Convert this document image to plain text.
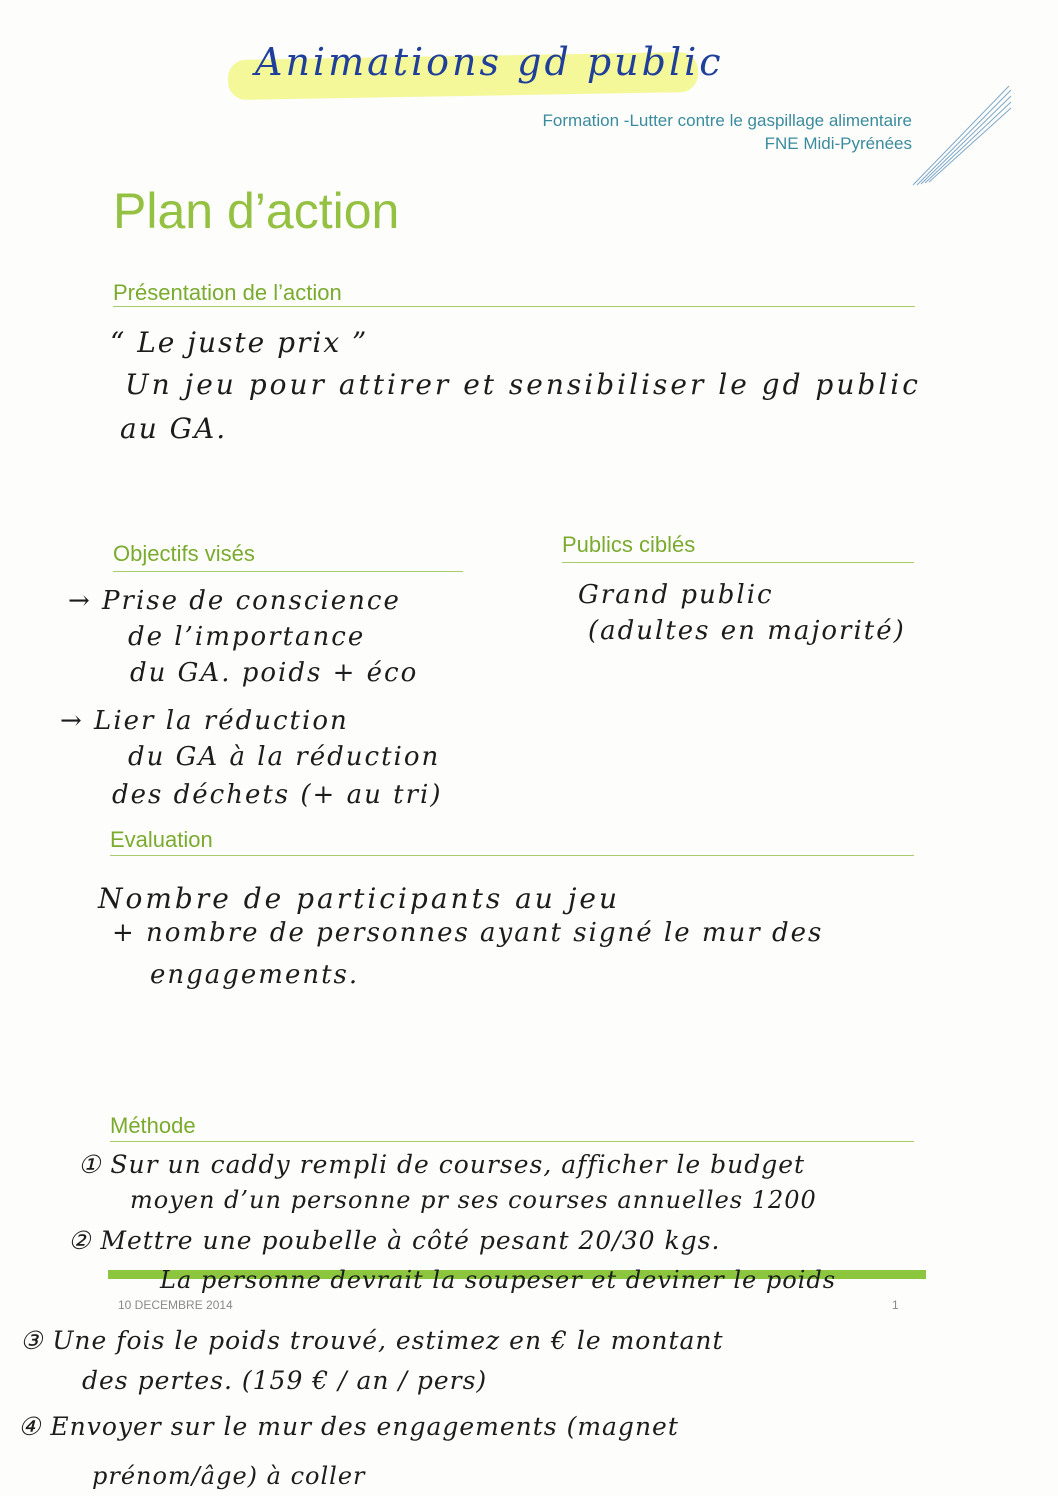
Animations gd public
Formation -Lutter contre le gaspillage alimentaire
FNE Midi-Pyrénées
Plan d’action
Présentation de l’action
“ Le juste prix ”
Un jeu pour attirer et sensibiliser le gd public
au GA.
Objectifs visés
→ Prise de conscience
de l’importance
du GA. poids + éco
→ Lier la réduction
du GA à la réduction
des déchets (+ au tri)
Publics ciblés
Grand public
(adultes en majorité)
Evaluation
Nombre de participants au jeu
+ nombre de personnes ayant signé le mur des
engagements.
Méthode
① Sur un caddy rempli de courses, afficher le budget
moyen d’un personne pr ses courses annuelles 1200
② Mettre une poubelle à côté pesant 20/30 kgs.
La personne devrait la soupeser et deviner le poids
10 DECEMBRE 2014	1
③ Une fois le poids trouvé, estimez en € le montant
des pertes. (159 € / an / pers)
④ Envoyer sur le mur des engagements (magnet
prénom/âge) à coller
